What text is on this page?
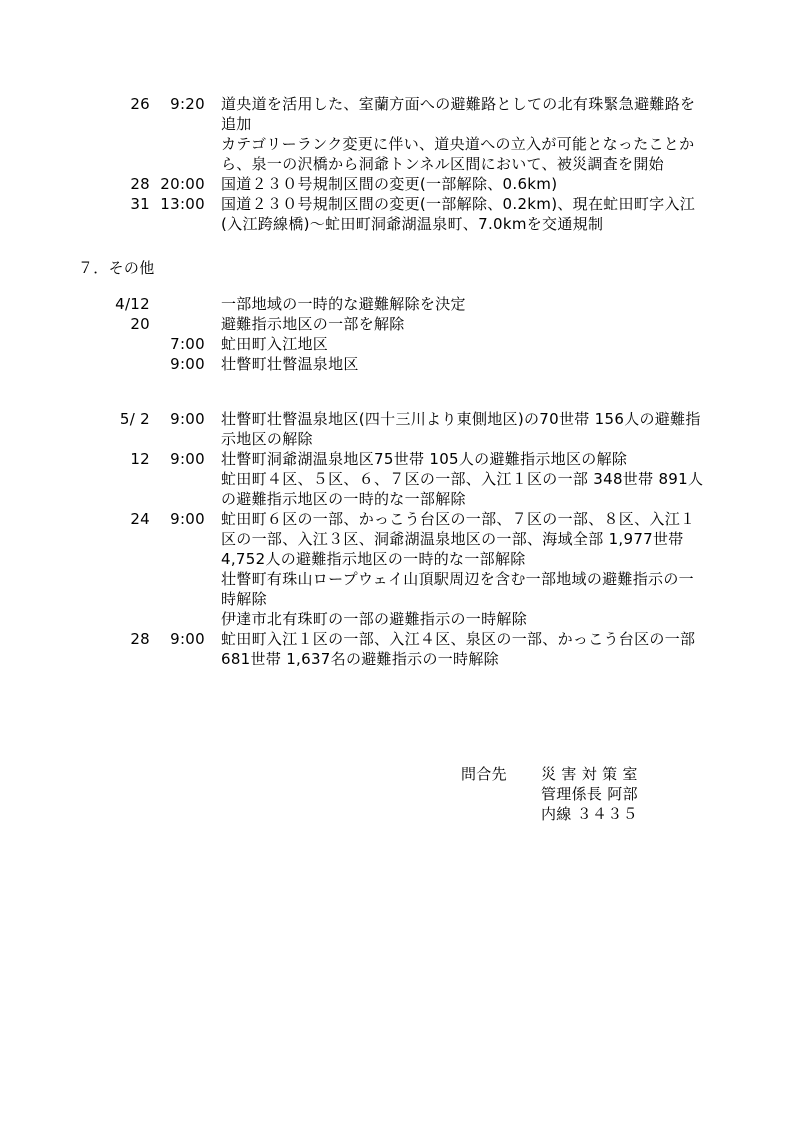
26	9:20 道央道を活用した、室蘭方面への避難路としての北有珠緊急避難路を
追加
カテゴリーランク変更に伴い、道央道への立入が可能となったことか
ら、泉一の沢橋から洞爺トンネル区間において、被災調査を開始
28 20:00 国道２３０号規制区間の変更(一部解除、0.6km)
31 13:00 国道２３０号規制区間の変更(一部解除、0.2km)、現在虻田町字入江
(入江跨線橋)～虻田町洞爺湖温泉町、7.0kmを交通規制
７．その他
4/12	一部地域の一時的な避難解除を決定
20	避難指示地区の一部を解除
7:00 虻田町入江地区
9:00 壮瞥町壮瞥温泉地区
5/ 2	9:00 壮瞥町壮瞥温泉地区(四十三川より東側地区)の70世帯 156人の避難指
示地区の解除
12	9:00 壮瞥町洞爺湖温泉地区75世帯 105人の避難指示地区の解除
虻田町４区、５区、６、７区の一部、入江１区の一部 348世帯 891人
の避難指示地区の一時的な一部解除
24	9:00 虻田町６区の一部、かっこう台区の一部、７区の一部、８区、入江１
区の一部、入江３区、洞爺湖温泉地区の一部、海域全部 1,977世帯
4,752人の避難指示地区の一時的な一部解除
壮瞥町有珠山ロープウェイ山頂駅周辺を含む一部地域の避難指示の一
時解除
伊達市北有珠町の一部の避難指示の一時解除
28	9:00 虻田町入江１区の一部、入江４区、泉区の一部、かっこう台区の一部
681世帯 1,637名の避難指示の一時解除
問合先 災 害 対 策 室
管理係長 阿部
内線 ３４３５
